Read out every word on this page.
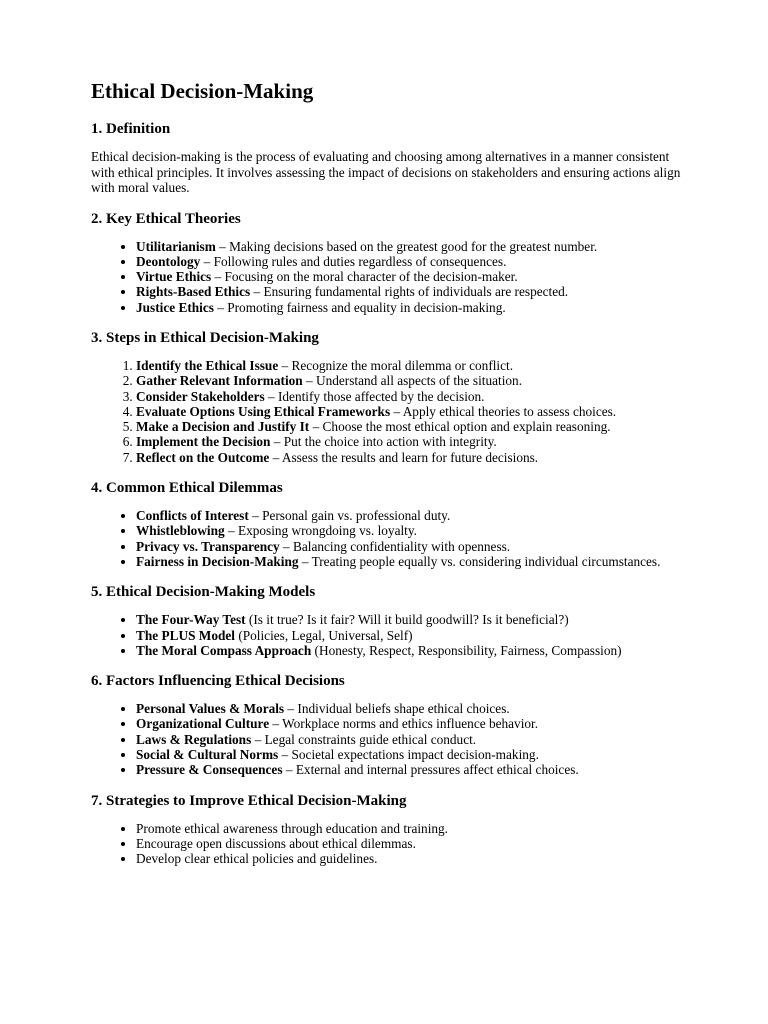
Ethical Decision-Making
1. Definition

Ethical decision-making is the process of evaluating and choosing among alternatives in a manner consistent with ethical principles. It involves assessing the impact of decisions on stakeholders and ensuring actions align with moral values.

2. Key Ethical Theories
• Utilitarianism – Making decisions based on the greatest good for the greatest number.
• Deontology – Following rules and duties regardless of consequences.
• Virtue Ethics – Focusing on the moral character of the decision-maker.
• Rights-Based Ethics – Ensuring fundamental rights of individuals are respected.
• Justice Ethics – Promoting fairness and equality in decision-making.
3. Steps in Ethical Decision-Making
1. Identify the Ethical Issue – Recognize the moral dilemma or conflict.
2. Gather Relevant Information – Understand all aspects of the situation.
3. Consider Stakeholders – Identify those affected by the decision.
4. Evaluate Options Using Ethical Frameworks – Apply ethical theories to assess choices.
5. Make a Decision and Justify It – Choose the most ethical option and explain reasoning.
6. Implement the Decision – Put the choice into action with integrity.
7. Reflect on the Outcome – Assess the results and learn for future decisions.
4. Common Ethical Dilemmas
• Conflicts of Interest – Personal gain vs. professional duty.
• Whistleblowing – Exposing wrongdoing vs. loyalty.
• Privacy vs. Transparency – Balancing confidentiality with openness.
• Fairness in Decision-Making – Treating people equally vs. considering individual circumstances.
5. Ethical Decision-Making Models
• The Four-Way Test (Is it true? Is it fair? Will it build goodwill? Is it beneficial?)
• The PLUS Model (Policies, Legal, Universal, Self)
• The Moral Compass Approach (Honesty, Respect, Responsibility, Fairness, Compassion)
6. Factors Influencing Ethical Decisions
• Personal Values & Morals – Individual beliefs shape ethical choices.
• Organizational Culture – Workplace norms and ethics influence behavior.
• Laws & Regulations – Legal constraints guide ethical conduct.
• Social & Cultural Norms – Societal expectations impact decision-making.
• Pressure & Consequences – External and internal pressures affect ethical choices.
7. Strategies to Improve Ethical Decision-Making
• Promote ethical awareness through education and training.
• Encourage open discussions about ethical dilemmas.
• Develop clear ethical policies and guidelines.
